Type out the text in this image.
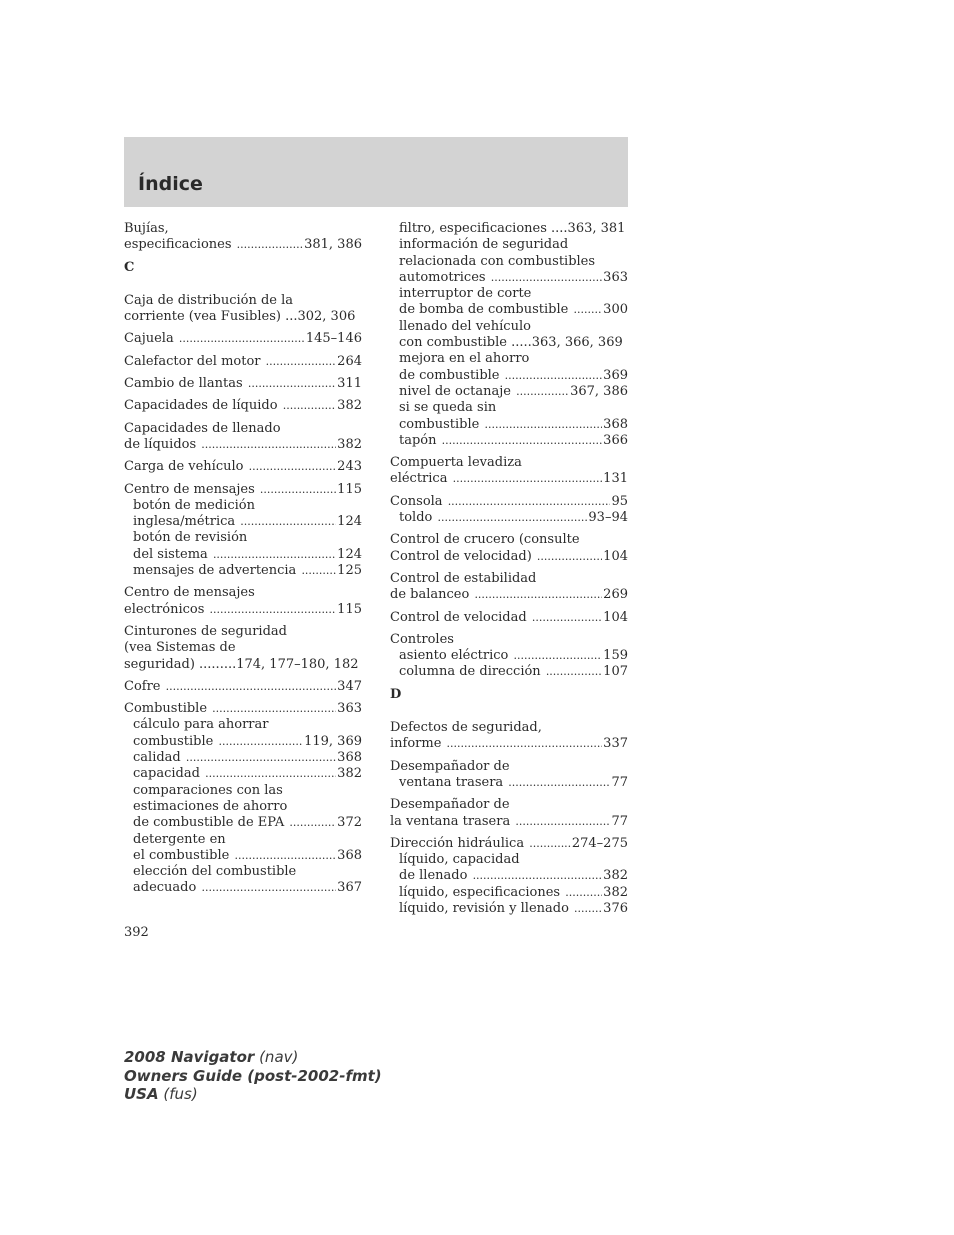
Índice
Bujías,
especificaciones .....	381, 386
C
Caja de distribución de la
corriente (vea Fusibles) ...302, 306
Cajuela .....	145–146
Calefactor del motor .....	264
Cambio de llantas .....	311
Capacidades de líquido .....	382
Capacidades de llenado
de líquidos .....	382
Carga de vehículo .....	243
Centro de mensajes .....	115
botón de medición
inglesa/métrica .....	124
botón de revisión
del sistema .....	124
mensajes de advertencia .....	125
Centro de mensajes
electrónicos .....	115
Cinturones de seguridad
(vea Sistemas de
seguridad) .........174, 177–180, 182
Cofre .....	347
Combustible .....	363
cálculo para ahorrar
combustible .....	119, 369
calidad .....	368
capacidad .....	382
comparaciones con las
estimaciones de ahorro
de combustible de EPA .....	372
detergente en
el combustible .....	368
elección del combustible
adecuado .....	367
filtro, especificaciones ....363, 381
información de seguridad
relacionada con combustibles
automotrices .....	363
interruptor de corte
de bomba de combustible ..... 300
llenado del vehículo
con combustible .....363, 366, 369
mejora en el ahorro
de combustible .....	369
nivel de octanaje .....	367, 386
si se queda sin
combustible .....	368
tapón .....	366
Compuerta levadiza
eléctrica .....	131
Consola .....	95
toldo .....	93–94
Control de crucero (consulte
Control de velocidad) .....	104
Control de estabilidad
de balanceo .....	269
Control de velocidad .....	104
Controles
asiento eléctrico .....	159
columna de dirección .....	107
D
Defectos de seguridad,
informe .....	337
Desempañador de
ventana trasera .....	77
Desempañador de
la ventana trasera .....	77
Dirección hidráulica .....	274–275
líquido, capacidad
de llenado .....	382
líquido, especificaciones .....	382
líquido, revisión y llenado ..... 376
392
2008 Navigator (nav)
Owners Guide (post-2002-fmt)
USA (fus)
